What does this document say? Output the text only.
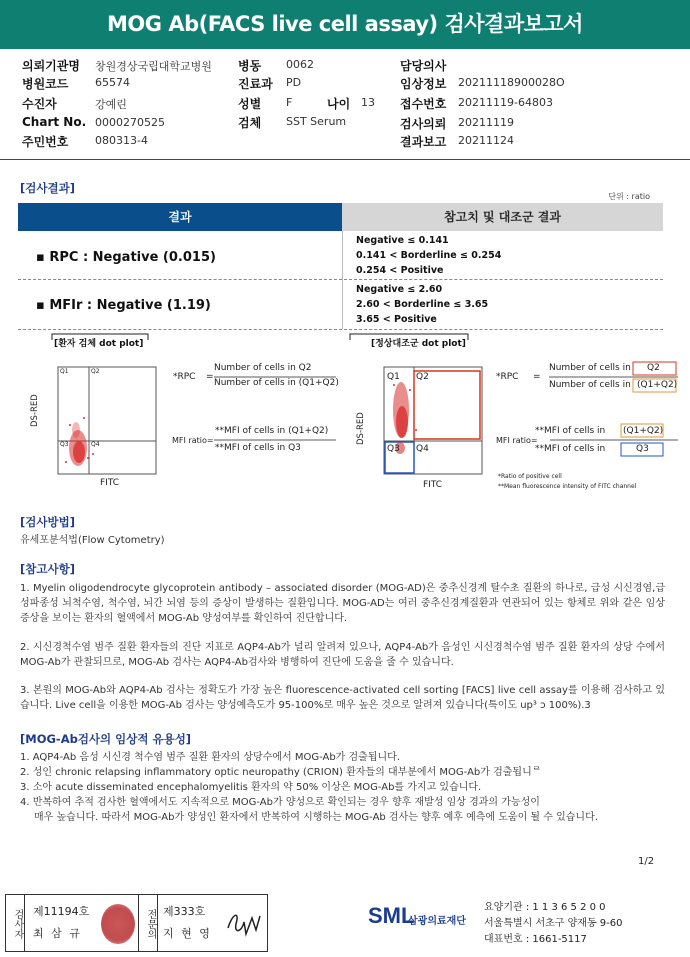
MOG Ab(FACS live cell assay) 검사결과보고서
의뢰기관명 창원경상국립대학교병원 병동 0062	담당의사
병원코드 65574	진료과 PD	임상정보 20211118900028O
수진자	강예린	성별 F	나이 13 접수번호 20211119-64803
Chart No. 0000270525	검체 SST Serum	검사의뢰 20211119
주민번호 080313-4	결과보고 20211124
[검사결과]
단위 : ratio
결과	참고치 및 대조군 결과
▪ RPC : Negative (0.015)
Negative ≤ 0.141
0.141 < Borderline ≤ 0.254
0.254 < Positive
▪ MFIr : Negative (1.19)
Negative ≤ 2.60
2.60 < Borderline ≤ 3.65
3.65 < Positive
[환자 검체 dot plot]	[정상대조군 dot plot]
DS-RED
FITC
Q1	Q2
Q3	Q4	DS-RED
FITC
Q1 Q2
Q3 Q4
*RPC =
Number of cells in Q2
Number of cells in (Q1+Q2)
MFI ratio=
**MFI of cells in (Q1+Q2)
**MFI of cells in Q3
*RPC =
Number of cells in Q2
Number of cells in (Q1+Q2)
MFI ratio=
**MFI of cells in (Q1+Q2)
**MFI of cells in	Q3
*Ratio of positive cell
**Mean fluorescence intensity of FITC channel
[검사방법]
유세포분석법(Flow Cytometry)
[참고사항]
1. Myelin oligodendrocyte glycoprotein antibody – associated disorder (MOG-AD)은 중추신경계 탈수초 질환의 하나로, 급성 시신경염,급성파종성 뇌척수염, 척수염, 뇌간 뇌염 등의 증상이 발생하는 질환입니다. MOG-AD는 여러 중추신경계질환과 연관되어 있는 항체로 위와 같은 임상 증상을 보이는 환자의 혈액에서 MOG-Ab 양성여부를 확인하여 진단합니다.
2. 시신경척수염 범주 질환 환자들의 진단 지표로 AQP4-Ab가 널리 알려져 있으나, AQP4-Ab가 음성인 시신경척수염 범주 질환 환자의 상당 수에서 MOG-Ab가 관찰되므로, MOG-Ab 검사는 AQP4-Ab검사와 병행하여 진단에 도움을 줄 수 있습니다.
3. 본원의 MOG-Ab와 AQP4-Ab 검사는 정확도가 가장 높은 fluorescence-activated cell sorting [FACS] live cell assay를 이용해 검사하고 있습니다. Live cell을 이용한 MOG-Ab 검사는 양성예측도가 95-100%로 매우 높은 것으로 알려져 있습니다(특이도 up³ ɔ 100%).3
[MOG-Ab검사의 임상적 유용성]
1. AQP4-Ab 음성 시신경 척수염 범주 질환 환자의 상당수에서 MOG-Ab가 검출됩니다.
2. 성인 chronic relapsing inflammatory optic neuropathy (CRION) 환자들의 대부분에서 MOG-Ab가 검출됩니ᄅ
3. 소아 acute disseminated encephalomyelitis 환자의 약 50% 이상은 MOG-Ab를 가지고 있습니다.
4. 반복하여 추적 검사한 혈액에서도 지속적으로 MOG-Ab가 양성으로 확인되는 경우 향후 재발성 임상 경과의 가능성이
매우 높습니다. 따라서 MOG-Ab가 양성인 환자에서 반복하여 시행하는 MOG-Ab 검사는 향후 예후 예측에 도움이 될 수 있습니다.
1/2
검사자 제11194호
최 삼 규	전문의 제333호
지 현 영
SML
삼광의료재단
요양기관 : 1 1 3 6 5 2 0 0
서울특별시 서초구 양재동 9-60
대표번호 : 1661-5117
